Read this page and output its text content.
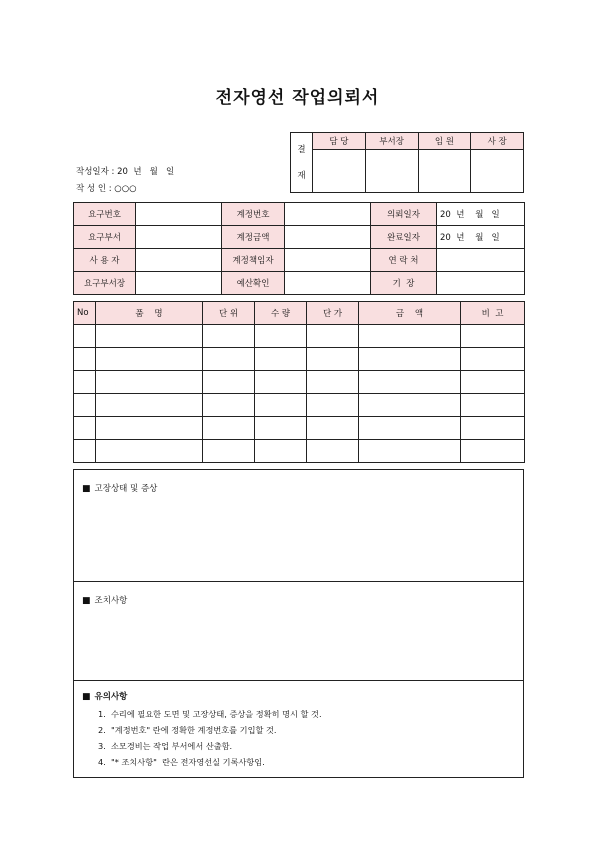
전자영선 작업의뢰서
작성일자 : 20  년   월   일
작 성 인 : ○○○
결
재	담 당	부서장	임 원	사 장

요구번호		계정번호		의뢰일자	20  년    월   일
요구부서		계정금액		완료일자	20  년    월   일
사 용 자		계정책임자		연 락 처	
요구부서장		예산확인		기  장	
No	품    명	단 위	수 량	단 가	금    액	비  고

■ 고장상태 및 증상
■ 조치사항
■ 유의사항
1.  수리에 필요한 도면 및 고장상태, 증상을 정확히 명시 할 것.
2.  "계정번호" 란에 정확한 계정번호를 기입할 것.
3.  소모경비는 작업 부서에서 산출함.
4.  "* 조치사항"  란은 전자영선실 기록사항임.
